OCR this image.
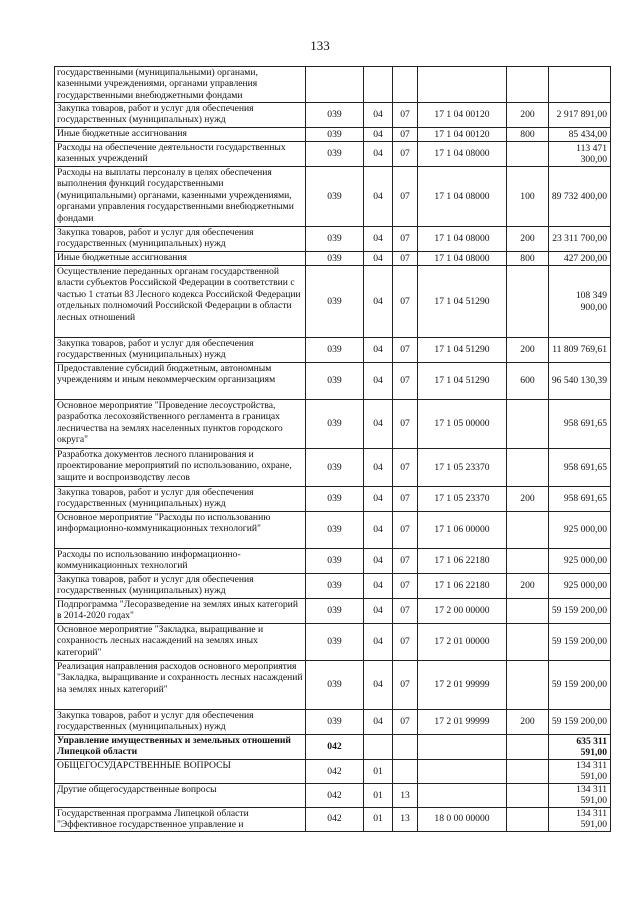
133
государственными (муниципальными) органами, казенными учреждениями, органами управления государственными внебюджетными фондами						
Закупка товаров, работ и услуг для обеспечения государственных (муниципальных) нужд	039	04	07	17 1 04 00120	200	2 917 891,00
Иные бюджетные ассигнования	039	04	07	17 1 04 00120	800	85 434,00
Расходы на обеспечение деятельности государственных казенных учреждений	039	04	07	17 1 04 08000		113 471 300,00
Расходы на выплаты персоналу в целях обеспечения выполнения функций государственными (муниципальными) органами, казенными учреждениями, органами управления государственными внебюджетными фондами	039	04	07	17 1 04 08000	100	89 732 400,00
Закупка товаров, работ и услуг для обеспечения государственных (муниципальных) нужд	039	04	07	17 1 04 08000	200	23 311 700,00
Иные бюджетные ассигнования	039	04	07	17 1 04 08000	800	427 200,00
Осуществление переданных органам государственной власти субъектов Российской Федерации в соответствии с частью 1 статьи 83 Лесного кодекса Российской Федерации отдельных полномочий Российской Федерации в области лесных отношений	039	04	07	17 1 04 51290		108 349 900,00
Закупка товаров, работ и услуг для обеспечения государственных (муниципальных) нужд	039	04	07	17 1 04 51290	200	11 809 769,61
Предоставление субсидий бюджетным, автономным учреждениям и иным некоммерческим организациям	039	04	07	17 1 04 51290	600	96 540 130,39
Основное мероприятие "Проведение лесоустройства, разработка лесохозяйственного регламента в границах лесничества на землях населенных пунктов городского округа"	039	04	07	17 1 05 00000		958 691,65
Разработка документов лесного планирования и проектирование мероприятий по использованию, охране, защите и воспроизводству лесов	039	04	07	17 1 05 23370		958 691,65
Закупка товаров, работ и услуг для обеспечения государственных (муниципальных) нужд	039	04	07	17 1 05 23370	200	958 691,65
Основное мероприятие "Расходы по использованию информационно-коммуникационных технологий"	039	04	07	17 1 06 00000		925 000,00
Расходы по использованию информационно-коммуникационных технологий	039	04	07	17 1 06 22180		925 000,00
Закупка товаров, работ и услуг для обеспечения государственных (муниципальных) нужд	039	04	07	17 1 06 22180	200	925 000,00
Подпрограмма "Лесоразведение на землях иных категорий в 2014-2020 годах"	039	04	07	17 2 00 00000		59 159 200,00
Основное мероприятие "Закладка, выращивание и сохранность лесных насаждений на землях иных категорий"	039	04	07	17 2 01 00000		59 159 200,00
Реализация направления расходов основного мероприятия "Закладка, выращивание и сохранность лесных насаждений на землях иных категорий"	039	04	07	17 2 01 99999		59 159 200,00
Закупка товаров, работ и услуг для обеспечения государственных (муниципальных) нужд	039	04	07	17 2 01 99999	200	59 159 200,00
Управление имущественных и земельных отношений Липецкой области	042					635 311 591,00
ОБЩЕГОСУДАРСТВЕННЫЕ ВОПРОСЫ	042	01				134 311 591,00
Другие общегосударственные вопросы	042	01	13			134 311 591,00
Государственная программа Липецкой области "Эффективное государственное управление и	042	01	13	18 0 00 00000		134 311 591,00
